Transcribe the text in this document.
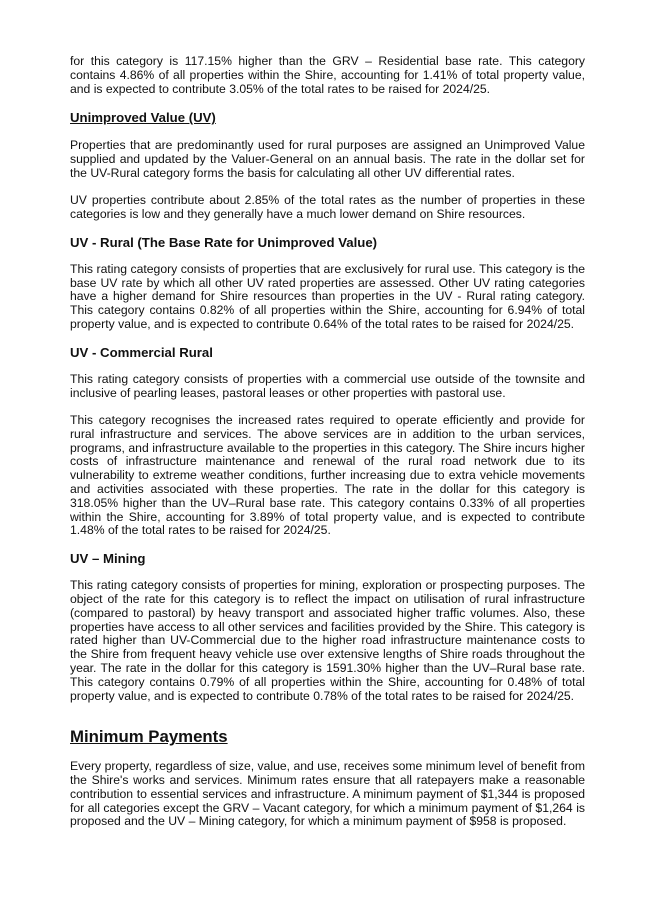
for this category is 117.15% higher than the GRV – Residential base rate. This category contains 4.86% of all properties within the Shire, accounting for 1.41% of total property value, and is expected to contribute 3.05% of the total rates to be raised for 2024/25.

Unimproved Value (UV)

Properties that are predominantly used for rural purposes are assigned an Unimproved Value supplied and updated by the Valuer-General on an annual basis. The rate in the dollar set for the UV-Rural category forms the basis for calculating all other UV differential rates.

UV properties contribute about 2.85% of the total rates as the number of properties in these categories is low and they generally have a much lower demand on Shire resources.

UV - Rural (The Base Rate for Unimproved Value)

This rating category consists of properties that are exclusively for rural use. This category is the base UV rate by which all other UV rated properties are assessed. Other UV rating categories have a higher demand for Shire resources than properties in the UV - Rural rating category. This category contains 0.82% of all properties within the Shire, accounting for 6.94% of total property value, and is expected to contribute 0.64% of the total rates to be raised for 2024/25.

UV - Commercial Rural

This rating category consists of properties with a commercial use outside of the townsite and inclusive of pearling leases, pastoral leases or other properties with pastoral use.

This category recognises the increased rates required to operate efficiently and provide for rural infrastructure and services. The above services are in addition to the urban services, programs, and infrastructure available to the properties in this category. The Shire incurs higher costs of infrastructure maintenance and renewal of the rural road network due to its vulnerability to extreme weather conditions, further increasing due to extra vehicle movements and activities associated with these properties. The rate in the dollar for this category is 318.05% higher than the UV–Rural base rate. This category contains 0.33% of all properties within the Shire, accounting for 3.89% of total property value, and is expected to contribute 1.48% of the total rates to be raised for 2024/25.

UV – Mining

This rating category consists of properties for mining, exploration or prospecting purposes. The object of the rate for this category is to reflect the impact on utilisation of rural infrastructure (compared to pastoral) by heavy transport and associated higher traffic volumes. Also, these properties have access to all other services and facilities provided by the Shire. This category is rated higher than UV-Commercial due to the higher road infrastructure maintenance costs to the Shire from frequent heavy vehicle use over extensive lengths of Shire roads throughout the year. The rate in the dollar for this category is 1591.30% higher than the UV–Rural base rate. This category contains 0.79% of all properties within the Shire, accounting for 0.48% of total property value, and is expected to contribute 0.78% of the total rates to be raised for 2024/25.

Minimum Payments

Every property, regardless of size, value, and use, receives some minimum level of benefit from the Shire's works and services. Minimum rates ensure that all ratepayers make a reasonable contribution to essential services and infrastructure. A minimum payment of $1,344 is proposed for all categories except the GRV – Vacant category, for which a minimum payment of $1,264 is proposed and the UV – Mining category, for which a minimum payment of $958 is proposed.
